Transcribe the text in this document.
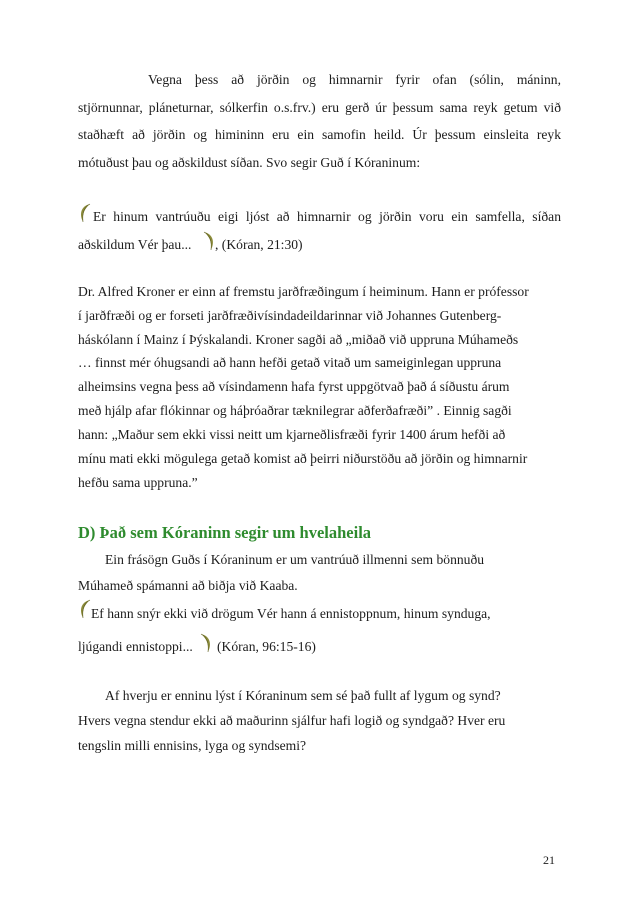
Vegna þess að jörðin og himnarnir fyrir ofan (sólin, máninn,
stjörnunnar, pláneturnar, sólkerfin o.s.frv.) eru gerð úr þessum sama reyk getum við
staðhæft að jörðin og himininn eru ein samofin heild. Úr þessum einsleita reyk
mótuðust þau og aðskildust síðan. Svo segir Guð í Kóraninum:
Er hinum vantrúuðu eigi ljóst að himnarnir og jörðin voru ein samfella, síðan
aðskildum Vér þau... , (Kóran, 21:30)
Dr. Alfred Kroner er einn af fremstu jarðfræðingum í heiminum. Hann er prófessor
í jarðfræði og er forseti jarðfræðivísindadeildarinnar við Johannes Gutenberg-
háskólann í Mainz í Þýskalandi. Kroner sagði að „miðað við uppruna Múhameðs
… finnst mér óhugsandi að hann hefði getað vitað um sameiginlegan uppruna
alheimsins vegna þess að vísindamenn hafa fyrst uppgötvað það á síðustu árum
með hjálp afar flókinnar og háþróaðrar tæknilegrar aðferðafræði” . Einnig sagði
hann: „Maður sem ekki vissi neitt um kjarneðlisfræði fyrir 1400 árum hefði að
mínu mati ekki mögulega getað komist að þeirri niðurstöðu að jörðin og himnarnir
hefðu sama uppruna.”
D) Það sem Kóraninn segir um hvelaheila
Ein frásögn Guðs í Kóraninum er um vantrúuð illmenni sem bönnuðu
Múhameð spámanni að biðja við Kaaba.
Ef hann snýr ekki við drögum Vér hann á ennistoppnum, hinum synduga,
ljúgandi ennistoppi... (Kóran, 96:15-16)
Af hverju er enninu lýst í Kóraninum sem sé það fullt af lygum og synd?
Hvers vegna stendur ekki að maðurinn sjálfur hafi logið og syndgað? Hver eru
tengslin milli ennisins, lyga og syndsemi?
21
